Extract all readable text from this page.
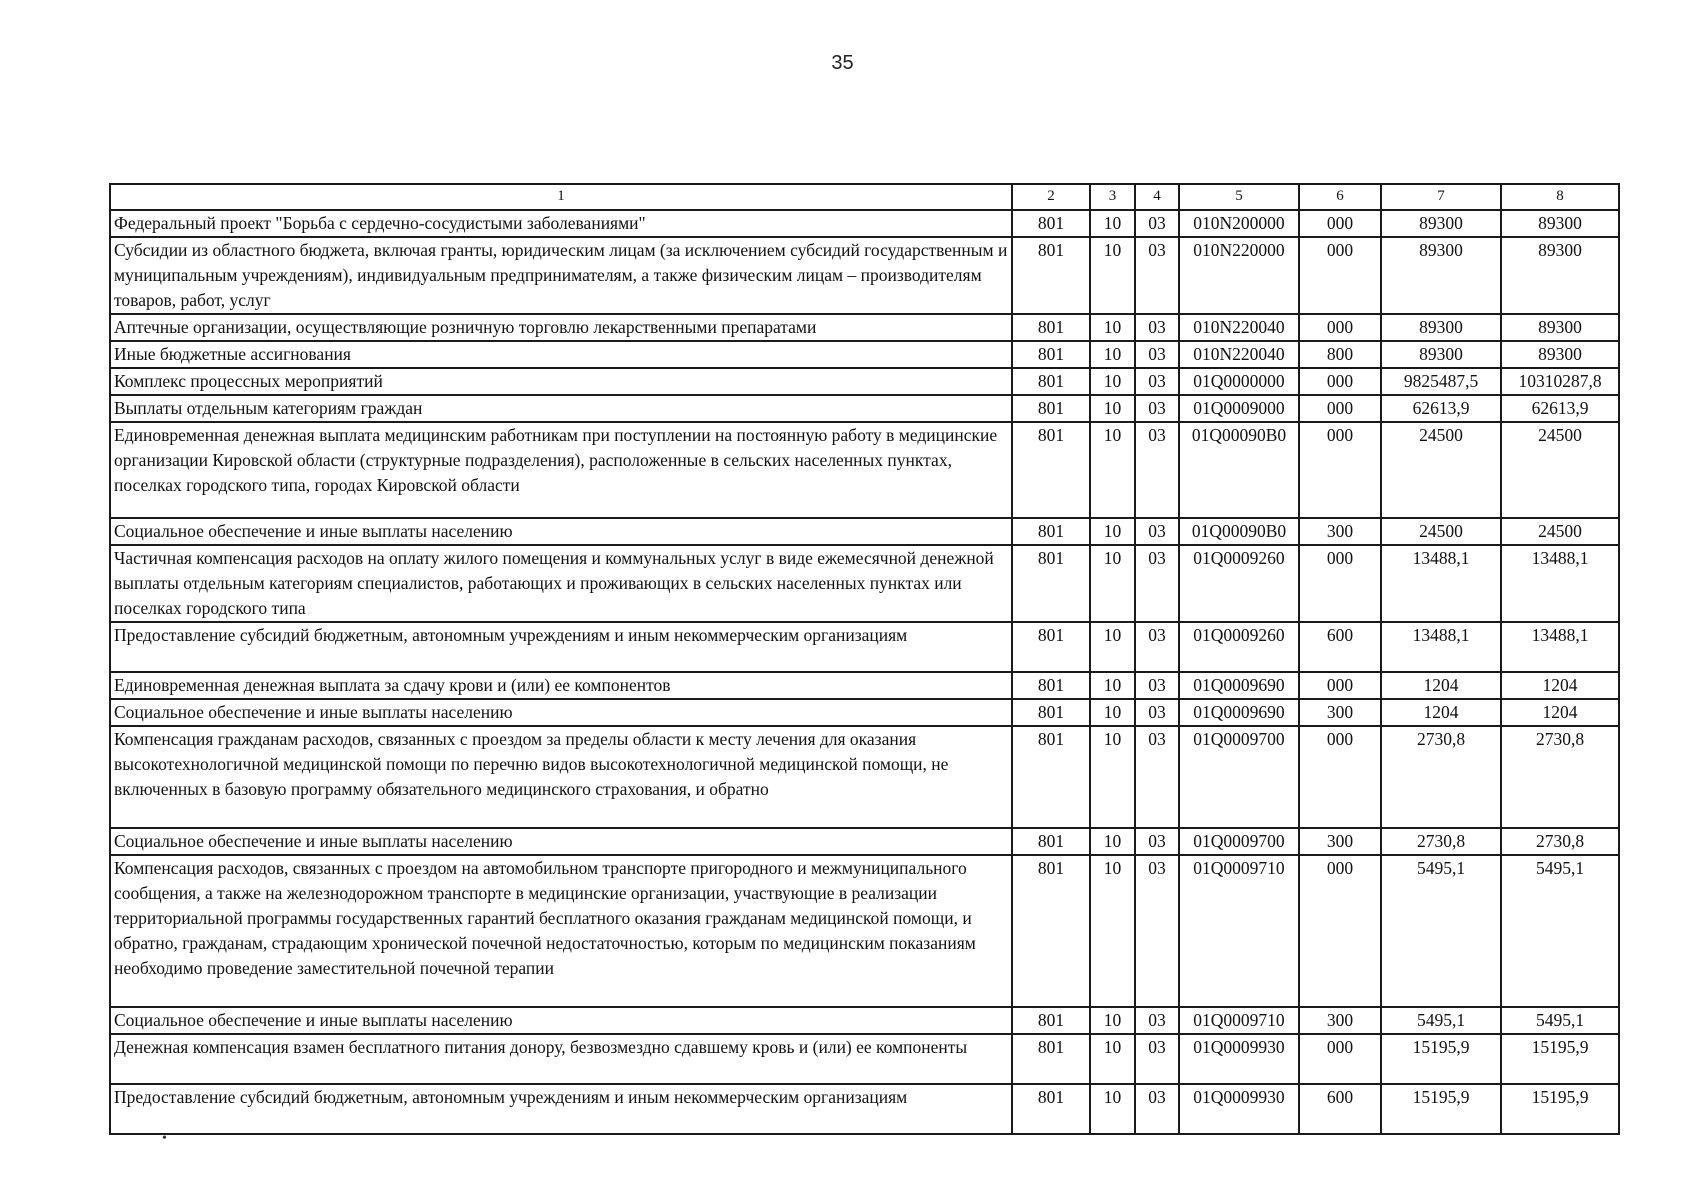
35
1	2	3	4	5	6	7	8
Федеральный проект "Борьба с сердечно-сосудистыми заболеваниями"	801	10	03	010N200000	000	89300	89300
Субсидии из областного бюджета, включая гранты, юридическим лицам (за исключением субсидий государственным и муниципальным учреждениям), индивидуальным предпринимателям, а также физическим лицам – производителям товаров, работ, услуг	801	10	03	010N220000	000	89300	89300
Аптечные организации, осуществляющие розничную торговлю лекарственными препаратами	801	10	03	010N220040	000	89300	89300
Иные бюджетные ассигнования	801	10	03	010N220040	800	89300	89300
Комплекс процессных мероприятий	801	10	03	01Q0000000	000	9825487,5	10310287,8
Выплаты отдельным категориям граждан	801	10	03	01Q0009000	000	62613,9	62613,9
Единовременная денежная выплата медицинским работникам при поступлении на постоянную работу в медицинские организации Кировской области (структурные подразделения), расположенные в сельских населенных пунктах, поселках городского типа, городах Кировской области	801	10	03	01Q00090B0	000	24500	24500
Социальное обеспечение и иные выплаты населению	801	10	03	01Q00090B0	300	24500	24500
Частичная компенсация расходов на оплату жилого помещения и коммунальных услуг в виде ежемесячной денежной выплаты отдельным категориям специалистов, работающих и проживающих в сельских населенных пунктах или поселках городского типа	801	10	03	01Q0009260	000	13488,1	13488,1
Предоставление субсидий бюджетным, автономным учреждениям и иным некоммерческим организациям	801	10	03	01Q0009260	600	13488,1	13488,1
Единовременная денежная выплата за сдачу крови и (или) ее компонентов	801	10	03	01Q0009690	000	1204	1204
Социальное обеспечение и иные выплаты населению	801	10	03	01Q0009690	300	1204	1204
Компенсация гражданам расходов, связанных с проездом за пределы области к месту лечения для оказания высокотехнологичной медицинской помощи по перечню видов высокотехнологичной медицинской помощи, не включенных в базовую программу обязательного медицинского страхования, и обратно	801	10	03	01Q0009700	000	2730,8	2730,8
Социальное обеспечение и иные выплаты населению	801	10	03	01Q0009700	300	2730,8	2730,8
Компенсация расходов, связанных с проездом на автомобильном транспорте пригородного и межмуниципального сообщения, а также на железнодорожном транспорте в медицинские организации, участвующие в реализации территориальной программы государственных гарантий бесплатного оказания гражданам медицинской помощи, и обратно, гражданам, страдающим хронической почечной недостаточностью, которым по медицинским показаниям необходимо проведение заместительной почечной терапии	801	10	03	01Q0009710	000	5495,1	5495,1
Социальное обеспечение и иные выплаты населению	801	10	03	01Q0009710	300	5495,1	5495,1
Денежная компенсация взамен бесплатного питания донору, безвозмездно сдавшему кровь и (или) ее компоненты	801	10	03	01Q0009930	000	15195,9	15195,9
Предоставление субсидий бюджетным, автономным учреждениям и иным некоммерческим организациям	801	10	03	01Q0009930	600	15195,9	15195,9
•
